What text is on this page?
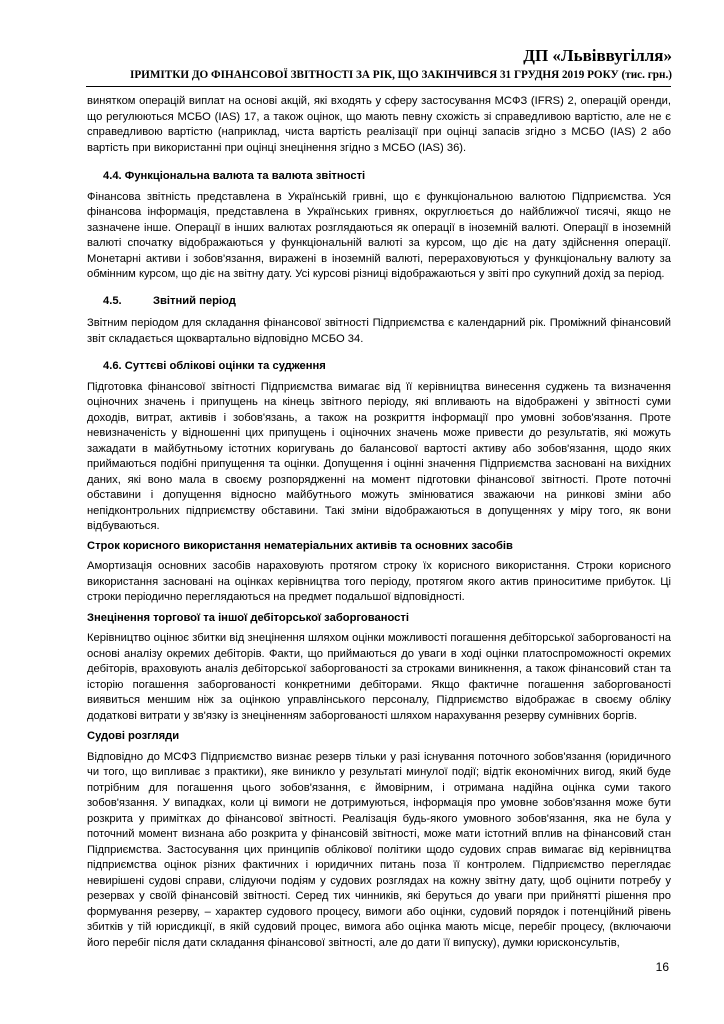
ДП «Львіввугілля»
ІРИМІТКИ ДО ФІНАНСОВОЇ ЗВІТНОСТІ ЗА РІК, ЩО ЗАКІНЧИВСЯ 31 ГРУДНЯ 2019 РОКУ (тис. грн.)

винятком операцій виплат на основі акцій, які входять у сферу застосування МСФЗ (IFRS) 2, операцій оренди, що регулюються МСБО (IAS) 17, а також оцінок, що мають певну схожість зі справедливою вартістю, але не є справедливою вартістю (наприклад, чиста вартість реалізації при оцінці запасів згідно з МСБО (IAS) 2 або вартість при використанні при оцінці знецінення згідно з МСБО (IAS) 36).

4.4. Функціональна валюта та валюта звітності

Фінансова звітність представлена в Українській гривні, що є функціональною валютою Підприємства. Уся фінансова інформація, представлена в Українських гривнях, округлюється до найближчої тисячі, якщо не зазначене інше. Операції в інших валютах розглядаються як операції в іноземній валюті. Операції в іноземній валюті спочатку відображаються у функціональній валюті за курсом, що діє на дату здійснення операції. Монетарні активи і зобов'язання, виражені в іноземній валюті, перераховуються у функціональну валюту за обмінним курсом, що діє на звітну дату. Усі курсові різниці відображаються у звіті про сукупний дохід за період.

4.5.	Звітний період

Звітним періодом для складання фінансової звітності Підприємства є календарний рік. Проміжний фінансовий звіт складається щоквартально відповідно МСБО 34.

4.6. Суттєві облікові оцінки та судження

Підготовка фінансової звітності Підприємства вимагає від її керівництва винесення суджень та визначення оціночних значень і припущень на кінець звітного періоду, які впливають на відображені у звітності суми доходів, витрат, активів і зобов'язань, а також на розкриття інформації про умовні зобов'язання. Проте невизначеність у відношенні цих припущень і оціночних значень може привести до результатів, які можуть зажадати в майбутньому істотних коригувань до балансової вартості активу або зобов'язання, щодо яких приймаються подібні припущення та оцінки. Допущення і оцінні значення Підприємства засновані на вихідних даних, які воно мала в своєму розпорядженні на момент підготовки фінансової звітності. Проте поточні обставини і допущення відносно майбутнього можуть змінюватися зважаючи на ринкові зміни або непідконтрольних підприємству обставини. Такі зміни відображаються в допущеннях у міру того, як вони відбуваються.

Строк корисного використання нематеріальних активів та основних засобів

Амортизація основних засобів нараховують протягом строку їх корисного використання. Строки корисного використання засновані на оцінках керівництва того періоду, протягом якого актив приноситиме прибуток. Ці строки періодично переглядаються на предмет подальшої відповідності.

Знецінення торгової та іншої дебіторської заборгованості

Керівництво оцінює збитки від знецінення шляхом оцінки можливості погашення дебіторської заборгованості на основі аналізу окремих дебіторів. Факти, що приймаються до уваги в ході оцінки платоспроможності окремих дебіторів, враховують аналіз дебіторської заборгованості за строками виникнення, а також фінансовий стан та історію погашення заборгованості конкретними дебіторами. Якщо фактичне погашення заборгованості виявиться меншим ніж за оцінкою управлінського персоналу, Підприємство відображає в своєму обліку додаткові витрати у зв'язку із знеціненням заборгованості шляхом нарахування резерву сумнівних боргів.

Судові розгляди

Відповідно до МСФЗ Підприємство визнає резерв тільки у разі існування поточного зобов'язання (юридичного чи того, що випливає з практики), яке виникло у результаті минулої події; відтік економічних вигод, який буде потрібним для погашення цього зобов'язання, є ймовірним, і отримана надійна оцінка суми такого зобов'язання. У випадках, коли ці вимоги не дотримуються, інформація про умовне зобов'язання може бути розкрита у примітках до фінансової звітності. Реалізація будь-якого умовного зобов'язання, яка не була у поточний момент визнана або розкрита у фінансовій звітності, може мати істотний вплив на фінансовий стан Підприємства. Застосування цих принципів облікової політики щодо судових справ вимагає від керівництва підприємства оцінок різних фактичних і юридичних питань поза її контролем. Підприємство переглядає невирішені судові справи, слідуючи подіям у судових розглядах на кожну звітну дату, щоб оцінити потребу у резервах у своїй фінансовій звітності. Серед тих чинників, які беруться до уваги при прийнятті рішення про формування резерву, – характер судового процесу, вимоги або оцінки, судовий порядок і потенційний рівень збитків у тій юрисдикції, в якій судовий процес, вимога або оцінка мають місце, перебіг процесу, (включаючи його перебіг після дати складання фінансової звітності, але до дати її випуску), думки юрисконсультів,

16
